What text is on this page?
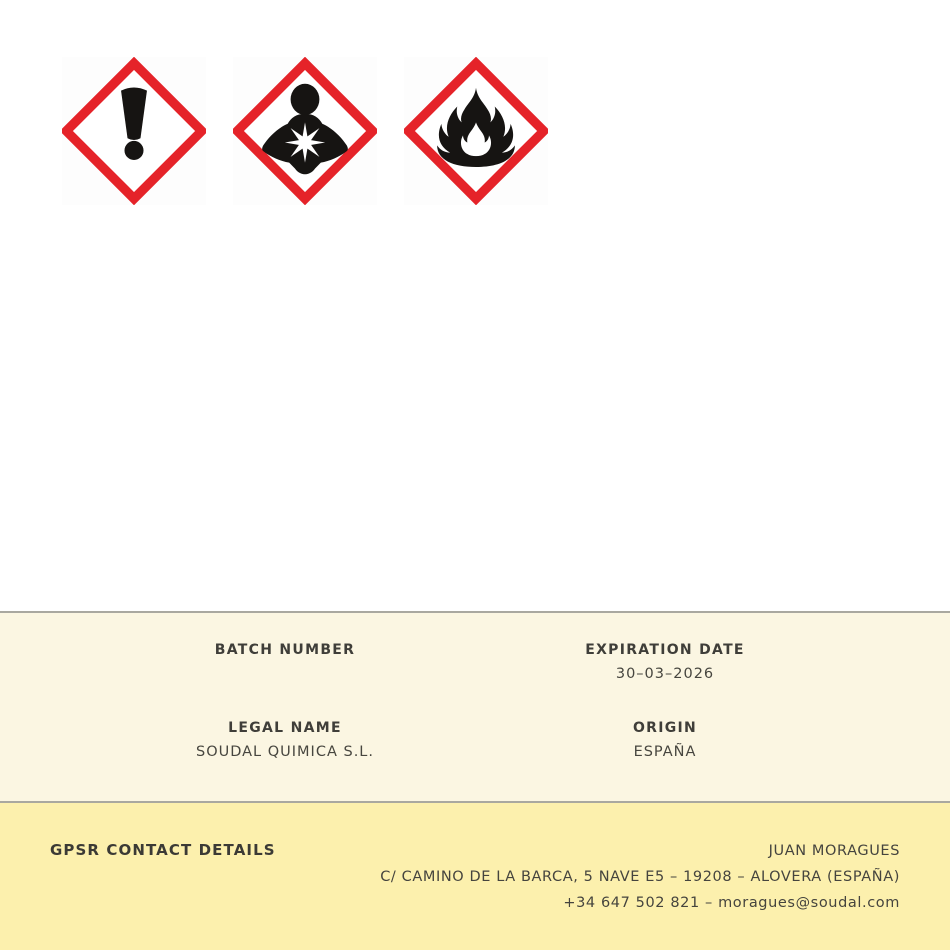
BATCH NUMBER	EXPIRATION DATE
30–03–2026
LEGAL NAME
SOUDAL QUIMICA S.L.
ORIGIN
ESPAÑA
GPSR CONTACT DETAILS	JUAN MORAGUES
C/ CAMINO DE LA BARCA, 5 NAVE E5 – 19208 – ALOVERA (ESPAÑA)
+34 647 502 821 – moragues@soudal.com
